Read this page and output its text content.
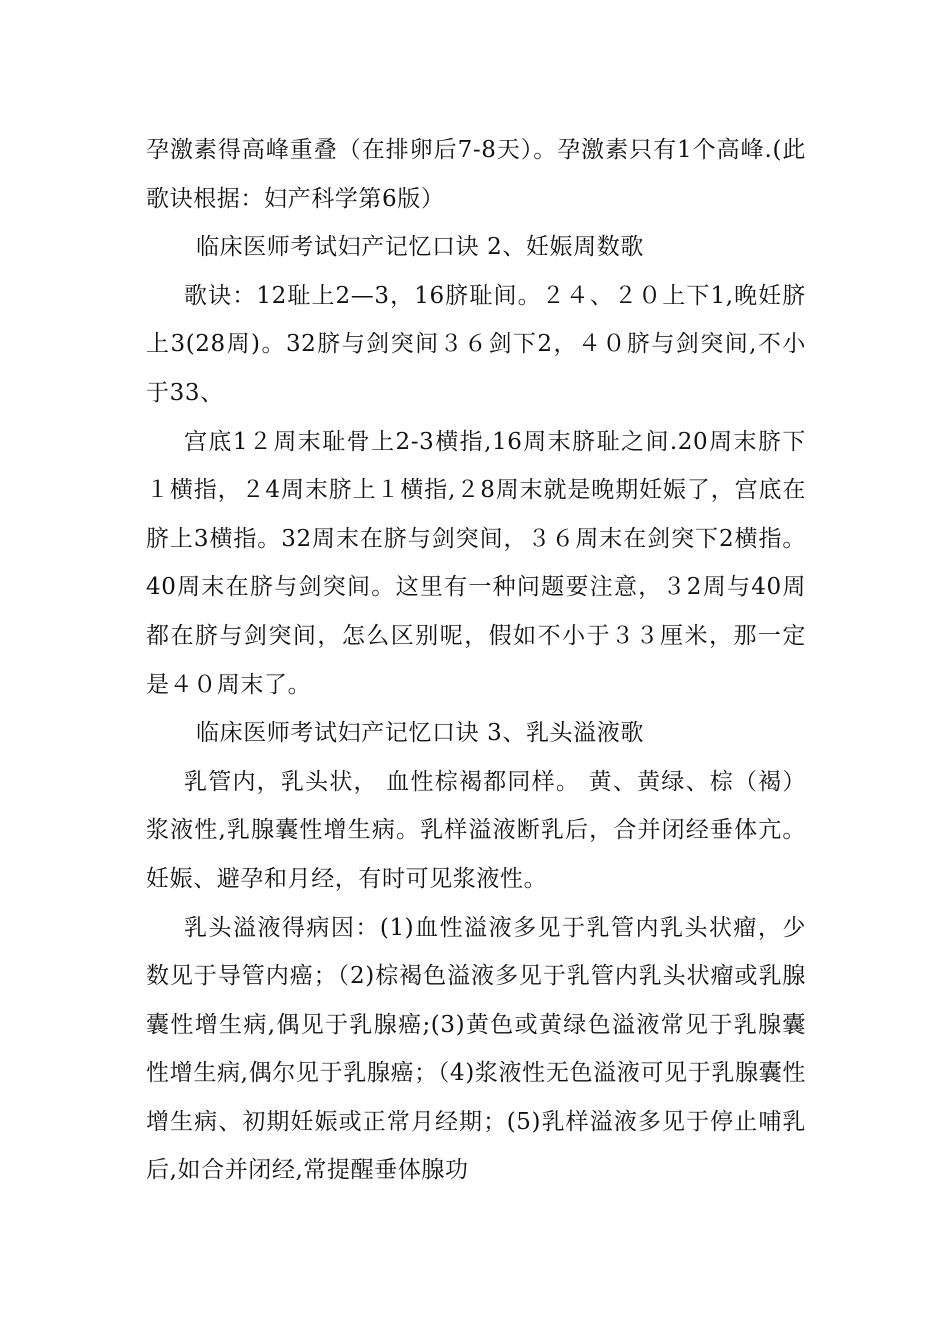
孕激素得高峰重叠（在排卵后7-8天）。孕激素只有1个高峰.(此歌诀根据：妇产科学第6版）

临床医师考试妇产记忆口诀 2、妊娠周数歌

歌诀：12耻上2—3，16脐耻间。２４、２０上下1,晚妊脐上3(28周)。32脐与剑突间３６剑下2，４０脐与剑突间,不小于33、

宫底1２周末耻骨上2-3横指,16周末脐耻之间.20周末脐下１横指，２4周末脐上１横指,２8周末就是晚期妊娠了，宫底在脐上3横指。32周末在脐与剑突间，３６周末在剑突下2横指。40周末在脐与剑突间。这里有一种问题要注意，３2周与40周都在脐与剑突间，怎么区别呢，假如不小于３３厘米，那一定是４０周末了。

临床医师考试妇产记忆口诀 3、乳头溢液歌

乳管内，乳头状， 血性棕褐都同样。 黄、黄绿、棕（褐）浆液性,乳腺囊性增生病。乳样溢液断乳后，合并闭经垂体亢。妊娠、避孕和月经，有时可见浆液性。

乳头溢液得病因：(1)血性溢液多见于乳管内乳头状瘤，少数见于导管内癌；（2)棕褐色溢液多见于乳管内乳头状瘤或乳腺囊性增生病,偶见于乳腺癌;(3)黄色或黄绿色溢液常见于乳腺囊性增生病,偶尔见于乳腺癌；（4)浆液性无色溢液可见于乳腺囊性增生病、初期妊娠或正常月经期；(5)乳样溢液多见于停止哺乳后,如合并闭经,常提醒垂体腺功
